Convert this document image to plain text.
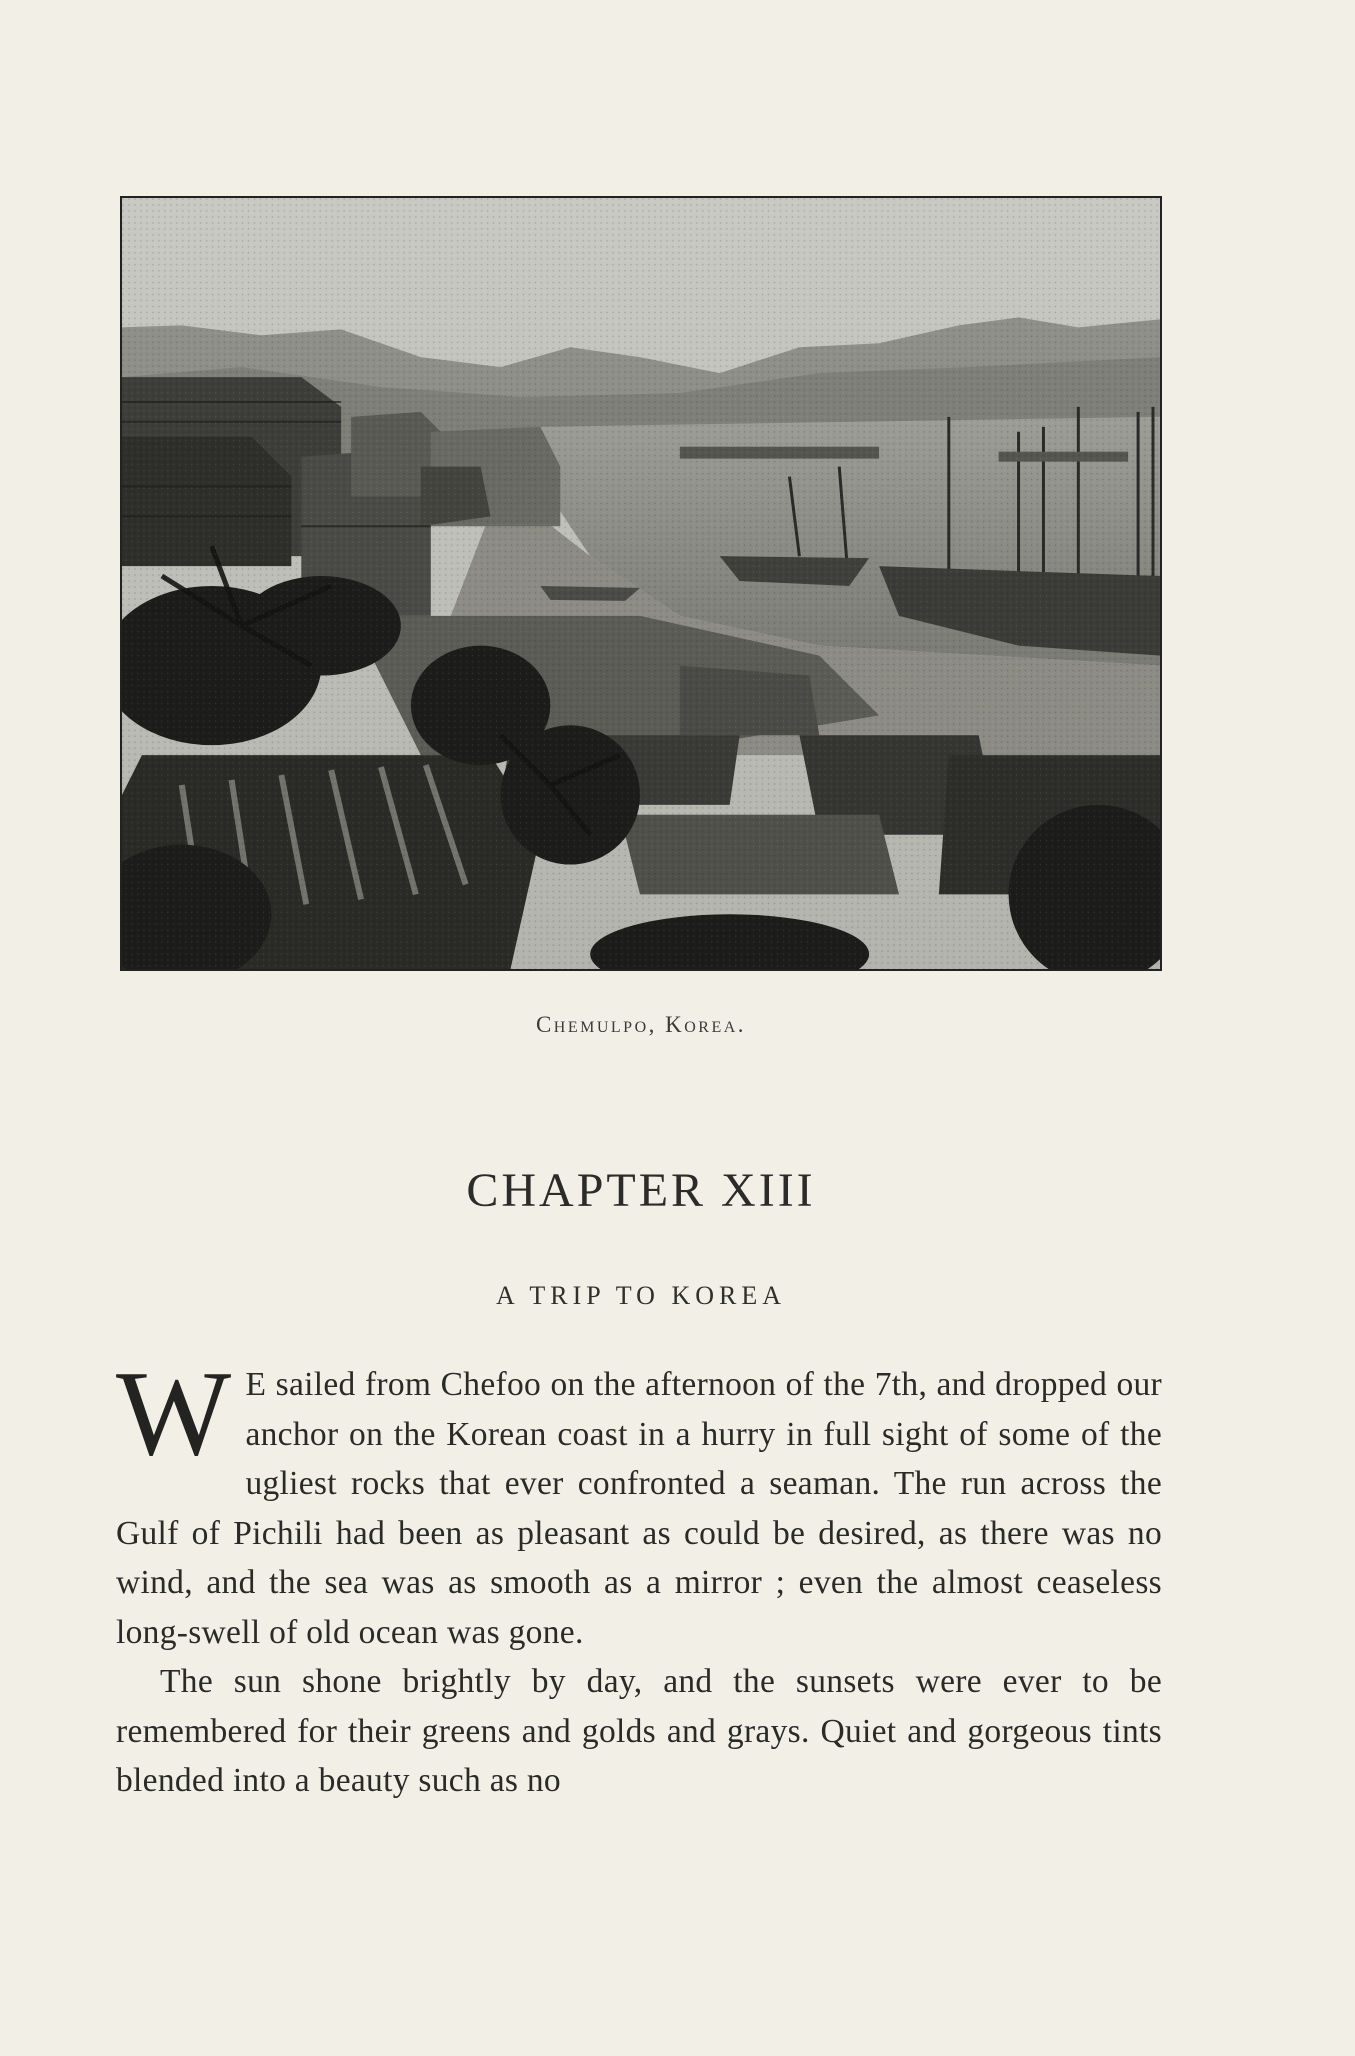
Chemulpo, Korea.
CHAPTER XIII
A TRIP TO KOREA

W E sailed from Chefoo on the afternoon of the 7th, and dropped our anchor on the Korean coast in a hurry in full sight of some of the ugliest rocks that ever confronted a seaman. The run across the Gulf of Pichili had been as pleasant as could be desired, as there was no wind, and the sea was as smooth as a mirror ; even the almost ceaseless long-swell of old ocean was gone.

The sun shone brightly by day, and the sunsets were ever to be remembered for their greens and golds and grays. Quiet and gorgeous tints blended into a beauty such as no
